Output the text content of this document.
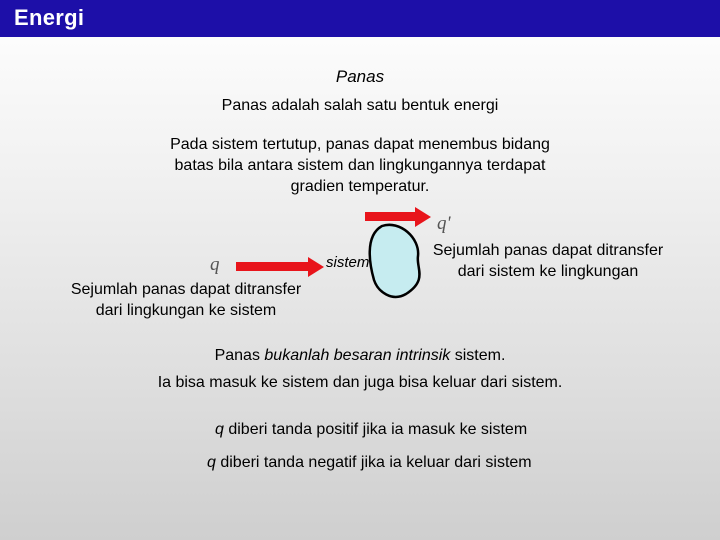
Energi
Panas
Panas adalah salah satu bentuk energi
Pada sistem tertutup, panas dapat menembus bidang
batas bila antara sistem dan lingkungannya terdapat
gradien temperatur.
sistem
q
q'
Sejumlah panas dapat ditransfer
dari lingkungan ke sistem
Sejumlah panas dapat ditransfer
dari sistem ke lingkungan
Panas bukanlah besaran intrinsik sistem.
Ia bisa masuk ke sistem dan juga bisa keluar dari sistem.
q diberi tanda positif jika ia masuk ke sistem
q diberi tanda negatif jika ia keluar dari sistem
